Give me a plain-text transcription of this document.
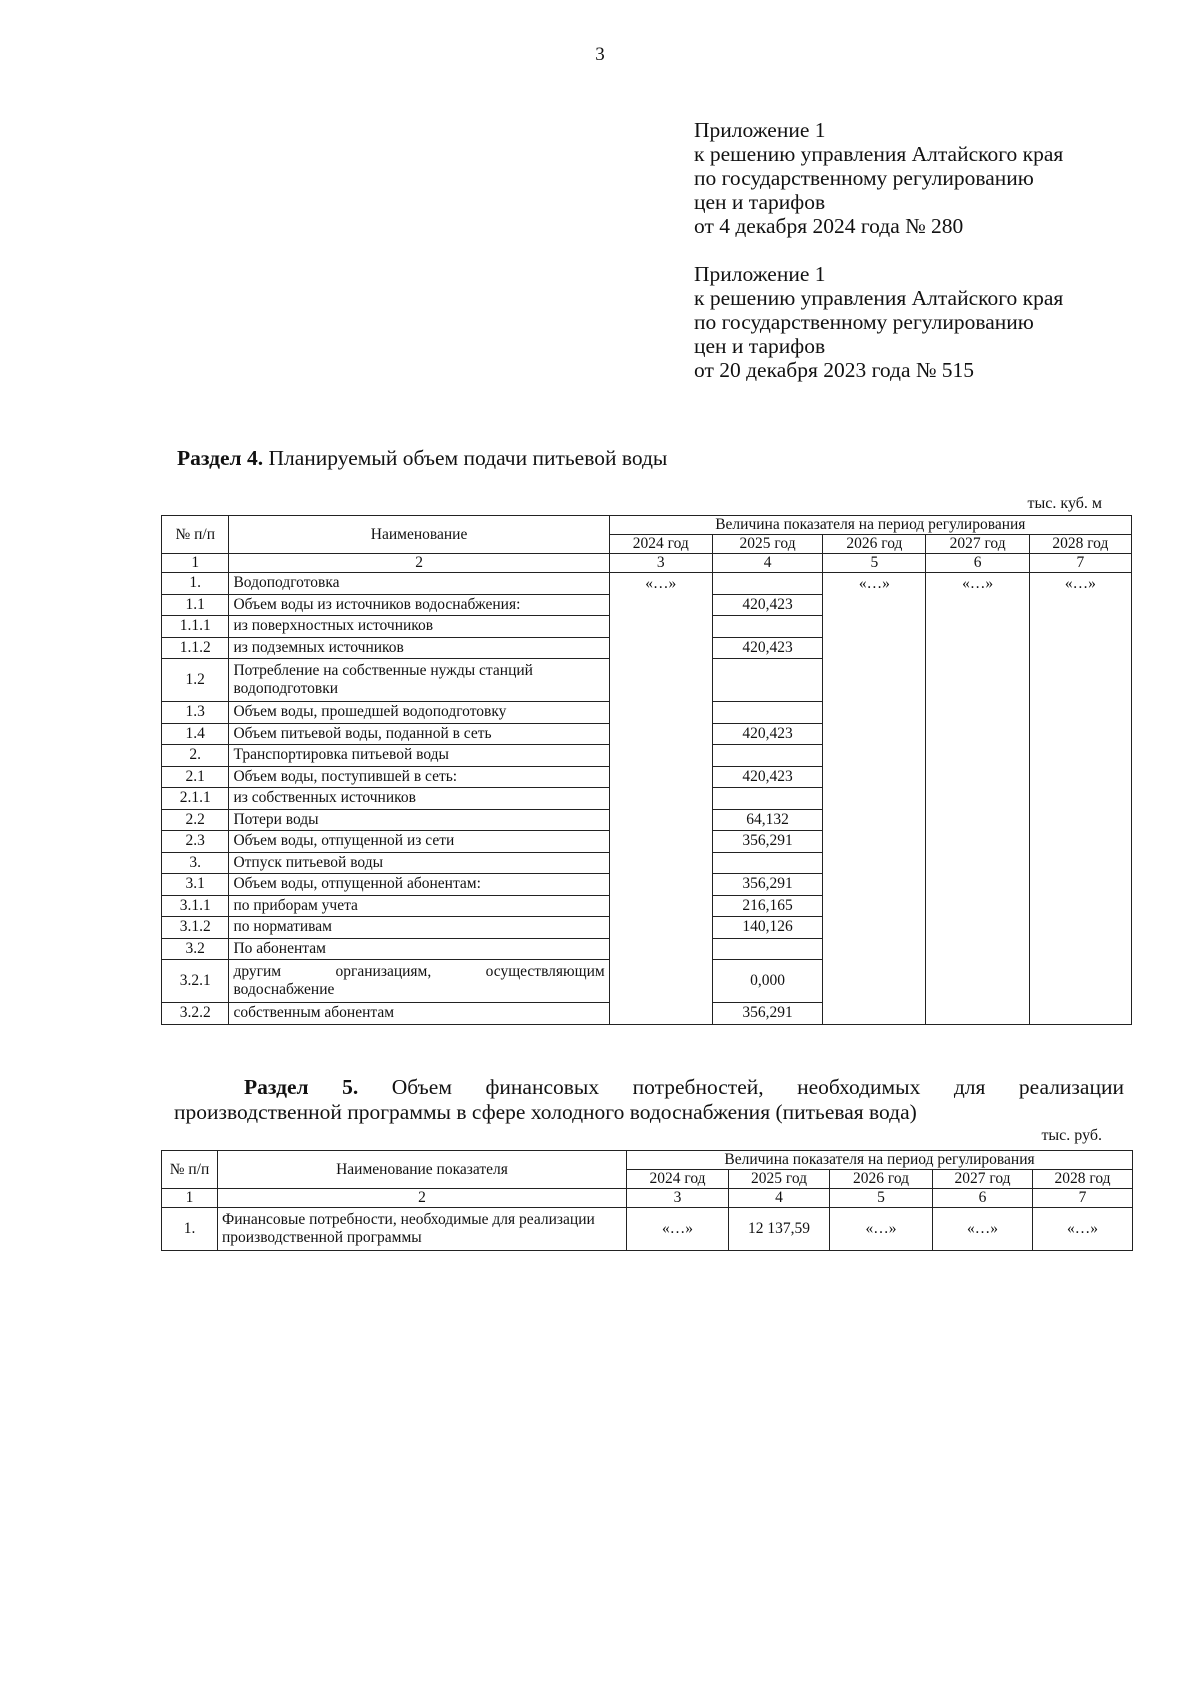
3
Приложение 1
к решению управления Алтайского края
по государственному регулированию
цен и тарифов
от 4 декабря 2024 года № 280
Приложение 1
к решению управления Алтайского края
по государственному регулированию
цен и тарифов
от 20 декабря 2023 года № 515
Раздел 4. Планируемый объем подачи питьевой воды
тыс. куб. м
№ п/п	Наименование	Величина показателя на период регулирования				
		2024 год	2025 год	2026 год	2027 год	2028 год
1	2	3	4	5	6	7
1.	Водоподготовка	«…»		«…»	«…»	«…»
1.1	Объем воды из источников водоснабжения:		420,423			
1.1.1	из поверхностных источников					
1.1.2	из подземных источников		420,423			
1.2	Потребление на собственные нужды станций водоподготовки					
1.3	Объем воды, прошедшей водоподготовку					
1.4	Объем питьевой воды, поданной в сеть		420,423			
2.	Транспортировка питьевой воды					
2.1	Объем воды, поступившей в сеть:		420,423			
2.1.1	из собственных источников					
2.2	Потери воды		64,132			
2.3	Объем воды, отпущенной из сети		356,291			
3.	Отпуск питьевой воды					
3.1	Объем воды, отпущенной абонентам:		356,291			
3.1.1	по приборам учета		216,165			
3.1.2	по нормативам		140,126			
3.2	По абонентам					
3.2.1	другим организациям, осуществляющим водоснабжение		0,000			
3.2.2	собственным абонентам		356,291			
Раздел 5. Объем финансовых потребностей, необходимых для реализации
производственной программы в сфере холодного водоснабжения (питьевая вода)
тыс. руб.
№ п/п	Наименование показателя	Величина показателя на период регулирования				
		2024 год	2025 год	2026 год	2027 год	2028 год
1	2	3	4	5	6	7
1.	Финансовые потребности, необходимые для реализации производственной программы	«…»	12 137,59	«…»	«…»	«…»
